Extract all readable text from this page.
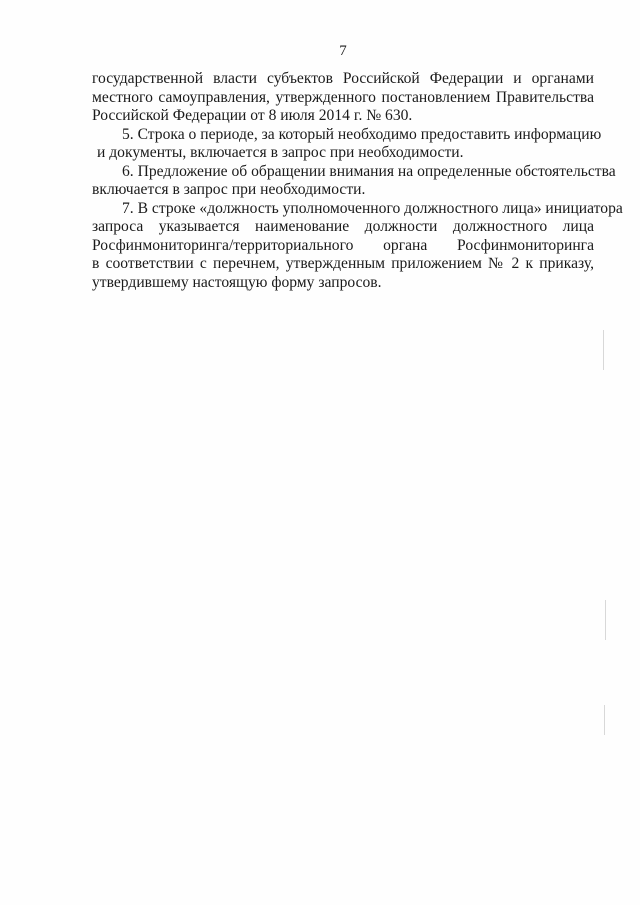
7

государственной власти субъектов Российской Федерации и органами
местного самоуправления, утвержденного постановлением Правительства
Российской Федерации от 8 июля 2014 г. № 630.

5. Строка о периоде, за который необходимо предоставить информацию
и документы, включается в запрос при необходимости.

6. Предложение об обращении внимания на определенные обстоятельства
включается в запрос при необходимости.

7. В строке «должность уполномоченного должностного лица» инициатора
запроса указывается наименование должности должностного лица
Росфинмониторинга/территориального органа Росфинмониторинга
в соответствии с перечнем, утвержденным приложением № 2 к приказу,
утвердившему настоящую форму запросов.
